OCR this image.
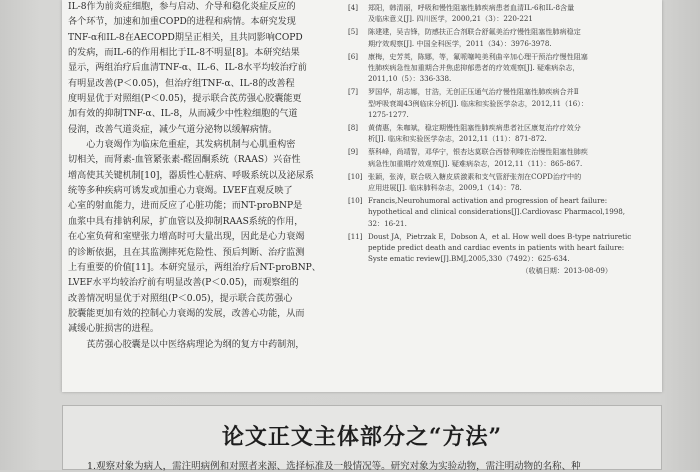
IL-8作为前炎症细胞，参与启动、介导和稳化炎症反应的
各个环节，加速和加重COPD的进程和病情。本研究发现
TNF-α和IL-8在AECOPD期呈正相关，且共同影响COPD
的发病，而IL-6的作用相比于IL-8不明显[8]。本研究结果
显示，两组治疗后血清TNF-α、IL-6、IL-8水平均较治疗前
有明显改善(P＜0.05)，但治疗组TNF-α、IL-8的改善程
度明显优于对照组(P＜0.05)，提示联合芪苈强心胶囊能更
加有效的抑制TNF-α、IL-8，从而减少中性粒细胞的气道
侵润，改善气道炎症，减少气道分泌物以缓解病情。

心力衰竭作为临床危重症，其发病机制与心肌重构密
切相关，而肾素-血管紧张素-醛固酮系统（RAAS）兴奋性
增高使其关键机制[10]，器质性心脏病、呼吸系统以及泌尿系
统等多种疾病可诱发或加重心力衰竭。LVEF直观反映了
心室的射血能力，进而反应了心脏功能；而NT-proBNP是
血浆中具有排钠利尿，扩血管以及抑制RAAS系统的作用，
在心室负荷和室壁张力增高时可大量出现，因此是心力衰竭
的诊断依据，且在其监测摔死危险性、预后判断、治疗监测
上有重要的价值[11]。本研究显示，两组治疗后NT-proBNP、
LVEF水平均较治疗前有明显改善(P＜0.05)，而观察组的
改善情况明显优于对照组(P＜0.05)，提示联合芪苈强心
胶囊能更加有效的控制心力衰竭的发展，改善心功能，从而
减缓心脏损害的进程。

芪苈强心胶囊是以中医络病理论为纲的复方中药制剂，

[4]	郑阳，韩清丽，呼吸和慢性阻塞性肺疾病患者血清IL-6和IL-8含量
及临床意义[J]. 四川医学，2000,21（3）：220-221
[5]	陈建建，吴吉锋，防感扶正合剂联合舒氟美治疗慢性阻塞性肺病稳定
期疗效观察[J]. 中国全科医学，2011（34）：3976-3978.
[6]	康梅，史芳英，陈娜，等，氟哌噻吨美利曲辛加心理干预治疗慢性阻塞
性肺疾病急性加重期合并焦虑抑郁患者的疗效观察[J]. 疑难病杂志，
2011,10（5）：336-338.
[7]	罗国华，胡志娜，甘浩，无创正压通气治疗慢性阻塞性肺疾病合并Ⅱ
型呼吸衰竭43例临床分析[J]. 临床和实验医学杂志，2012,11（16）：
1275-1277.
[8]	黄倩惠，朱咖斌，稳定期慢性阻塞性肺疾病患者社区康复治疗疗效分
析[J]. 临床和实验医学杂志，2012,11（11）：871-872.
[9]	蔡科峰，尚靖智，邓华宁，银杏达莫联合西替利嗪佐治慢性阻塞性肺疾
病急性加重期疗效观察[J]. 疑难病杂志，2012,11（11）：865-867.
[10] 张颖，张涛，联合吸入糖皮质激素和支气管舒张剂在COPD治疗中的
应用进展[J]. 临床肺科杂志，2009,1（14）：78.
[10] Francis,Neurohumoral activation and progression of heart failure:
hypothetical and clinical considerations[J].Cardiovasc Pharmacol,1998,
32：16-21.
[11] Doust JA，Pietrzak E，Dobson A，et al. How well does B-type natriuretic
peptide predict death and cardiac events in patients with heart failure:
Syste ematic review[J].BMJ,2005,330（7492）：625-634.
（收稿日期：2013-08-09）
论文正文主体部分之“方法”
1.观察对象为病人，需注明病例和对照者来源、选择标准及一般情况等。研究对象为实验动物，需注明动物的名称、种
